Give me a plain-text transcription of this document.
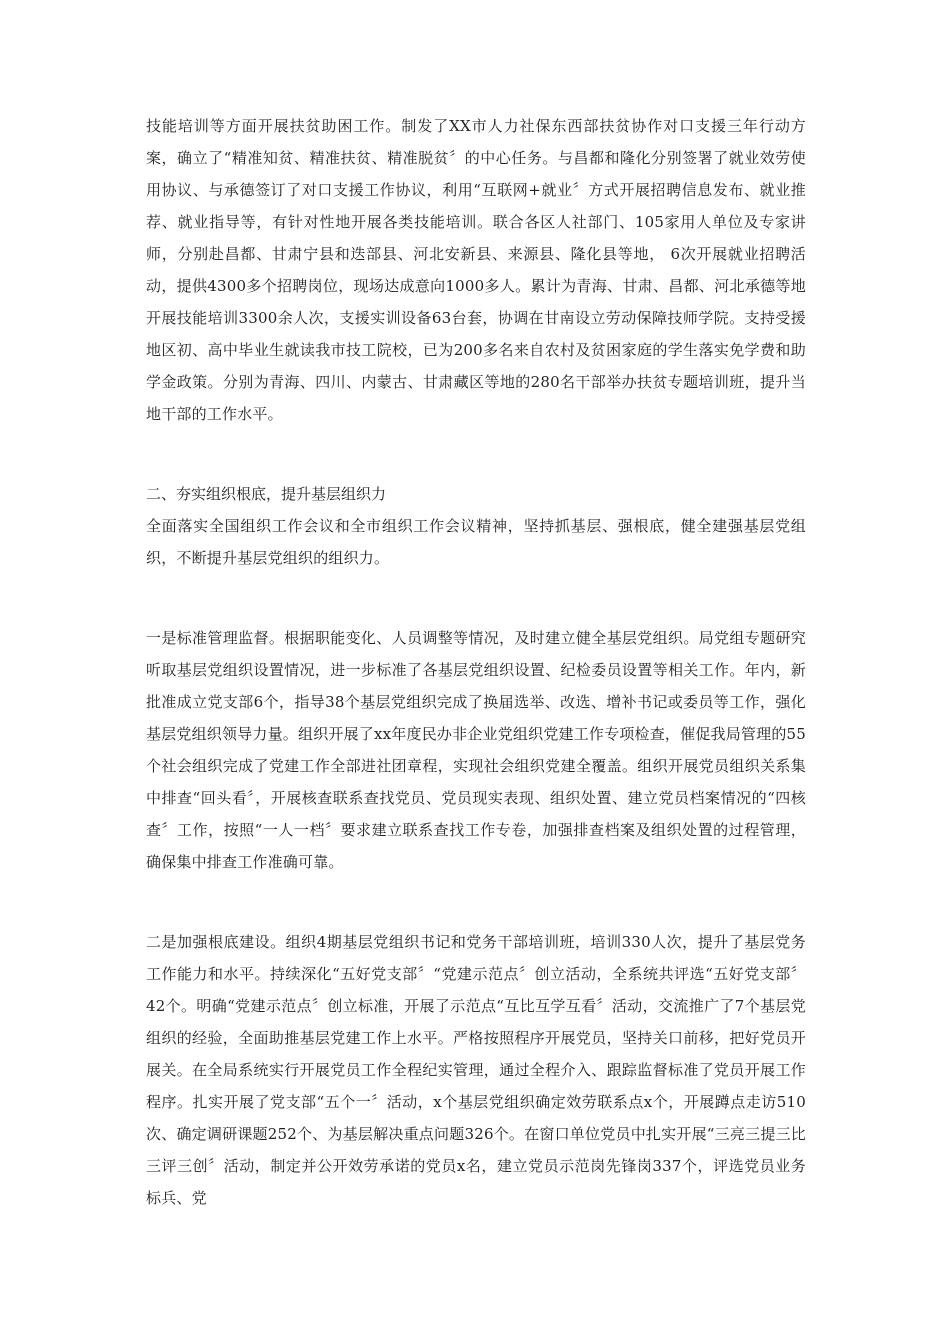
技能培训等方面开展扶贫助困工作。制发了XX市人力社保东西部扶贫协作对口支援三年行动方案，确立了“精准知贫、精准扶贫、精准脱贫〞的中心任务。与昌都和隆化分别签署了就业效劳使用协议、与承德签订了对口支援工作协议，利用“互联网+就业〞方式开展招聘信息发布、就业推荐、就业指导等，有针对性地开展各类技能培训。联合各区人社部门、105家用人单位及专家讲师，分别赴昌都、甘肃宁县和迭部县、河北安新县、来源县、隆化县等地， 6次开展就业招聘活动，提供4300多个招聘岗位，现场达成意向1000多人。累计为青海、甘肃、昌都、河北承德等地开展技能培训3300余人次，支援实训设备63台套，协调在甘南设立劳动保障技师学院。支持受援地区初、高中毕业生就读我市技工院校，已为200多名来自农村及贫困家庭的学生落实免学费和助学金政策。分别为青海、四川、内蒙古、甘肃藏区等地的280名干部举办扶贫专题培训班，提升当地干部的工作水平。

二、夯实组织根底，提升基层组织力

全面落实全国组织工作会议和全市组织工作会议精神，坚持抓基层、强根底，健全建强基层党组织，不断提升基层党组织的组织力。

一是标准管理监督。根据职能变化、人员调整等情况，及时建立健全基层党组织。局党组专题研究听取基层党组织设置情况，进一步标准了各基层党组织设置、纪检委员设置等相关工作。年内，新批准成立党支部6个，指导38个基层党组织完成了换届选举、改选、增补书记或委员等工作，强化基层党组织领导力量。组织开展了xx年度民办非企业党组织党建工作专项检查，催促我局管理的55个社会组织完成了党建工作全部进社团章程，实现社会组织党建全覆盖。组织开展党员组织关系集中排查“回头看〞，开展核查联系查找党员、党员现实表现、组织处置、建立党员档案情况的“四核查〞工作，按照“一人一档〞要求建立联系查找工作专卷，加强排查档案及组织处置的过程管理，确保集中排查工作准确可靠。

二是加强根底建设。组织4期基层党组织书记和党务干部培训班，培训330人次，提升了基层党务工作能力和水平。持续深化“五好党支部〞“党建示范点〞创立活动，全系统共评选“五好党支部〞42个。明确“党建示范点〞创立标准，开展了示范点“互比互学互看〞活动，交流推广了7个基层党组织的经验，全面助推基层党建工作上水平。严格按照程序开展党员，坚持关口前移，把好党员开展关。在全局系统实行开展党员工作全程纪实管理，通过全程介入、跟踪监督标准了党员开展工作程序。扎实开展了党支部“五个一〞活动，x个基层党组织确定效劳联系点x个，开展蹲点走访510次、确定调研课题252个、为基层解决重点问题326个。在窗口单位党员中扎实开展“三亮三提三比三评三创〞活动，制定并公开效劳承诺的党员x名，建立党员示范岗先锋岗337个，评选党员业务标兵、党
